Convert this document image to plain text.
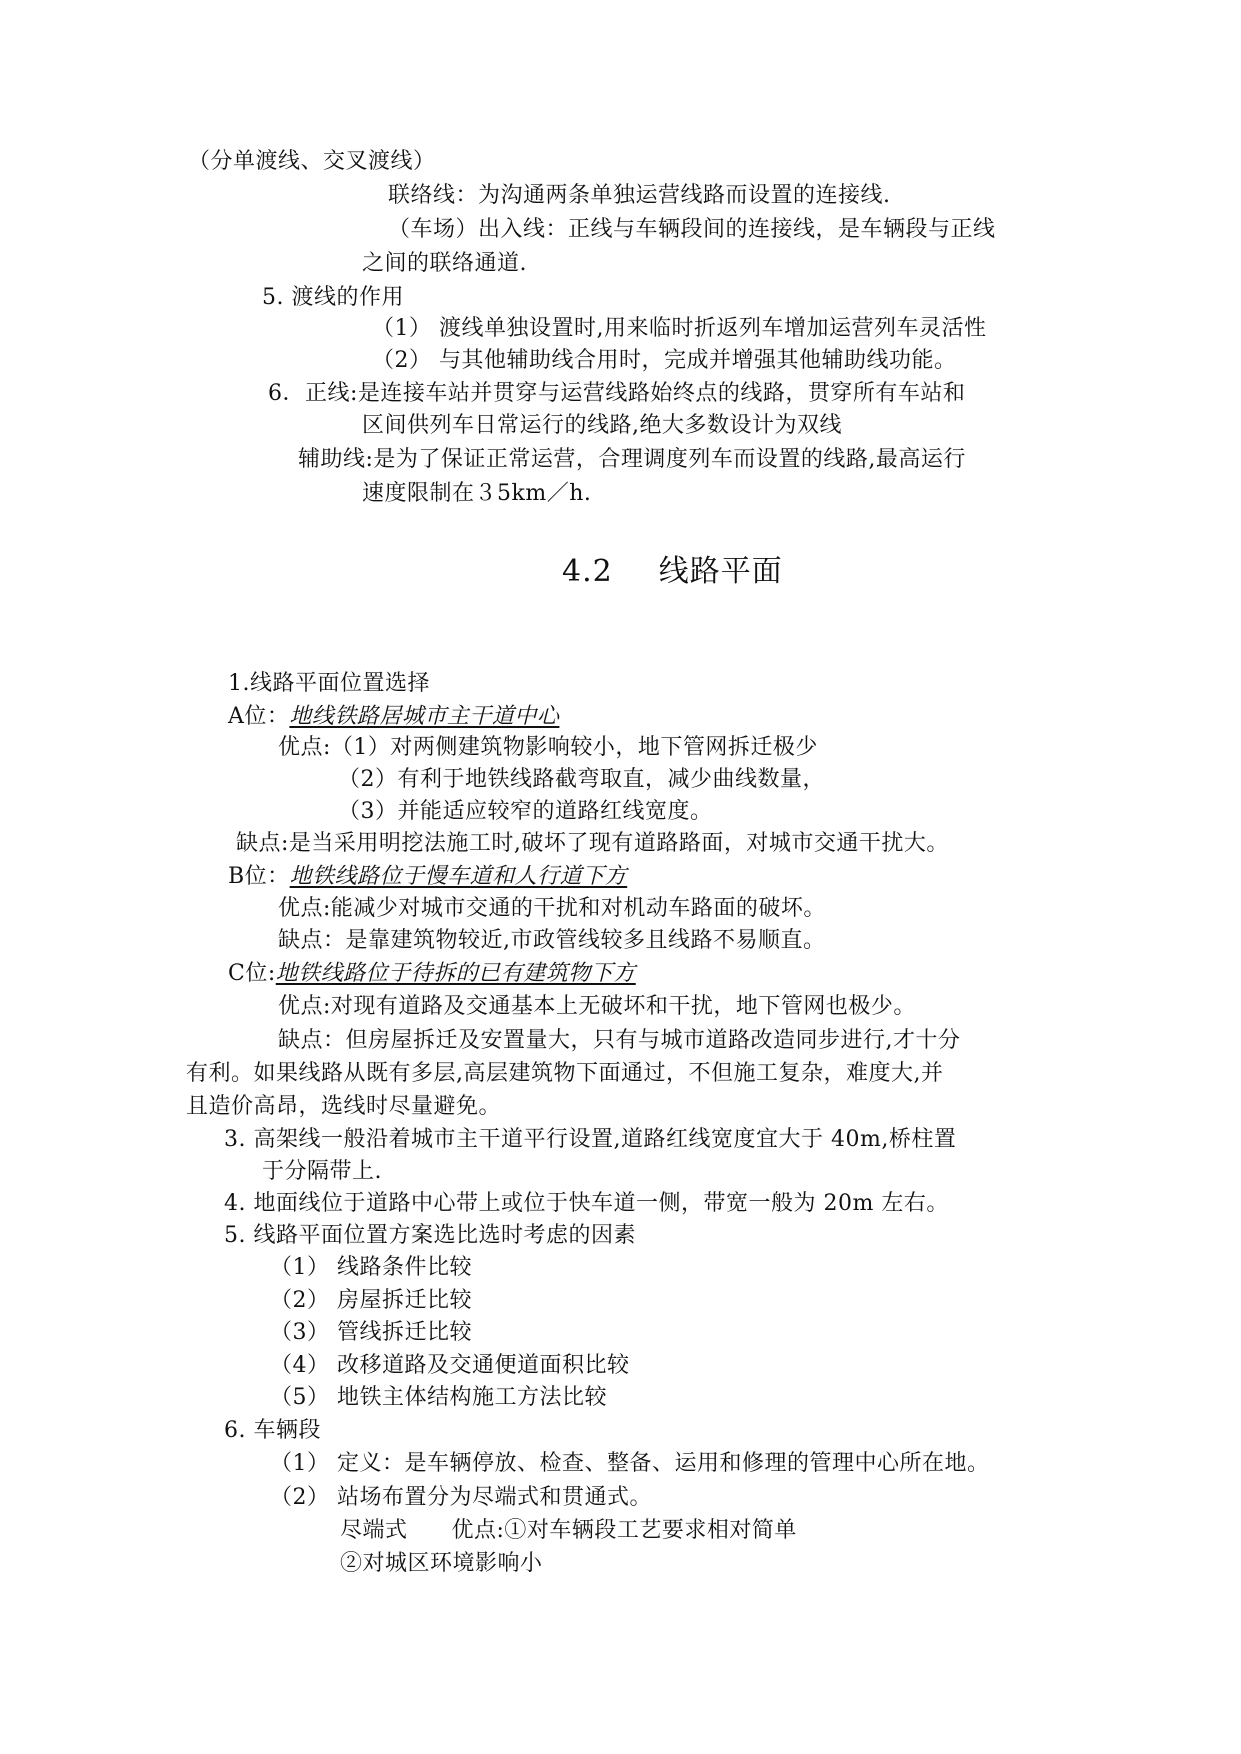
（分单渡线、交叉渡线）
联络线：为沟通两条单独运营线路而设置的连接线.
（车场）出入线：正线与车辆段间的连接线，是车辆段与正线
之间的联络通道.
5. 渡线的作用
（1） 渡线单独设置时,用来临时折返列车增加运营列车灵活性
（2） 与其他辅助线合用时，完成并增强其他辅助线功能。
6．正线:是连接车站并贯穿与运营线路始终点的线路，贯穿所有车站和
区间供列车日常运行的线路,绝大多数设计为双线
辅助线:是为了保证正常运营，合理调度列车而设置的线路,最高运行
速度限制在３5km／h.
4.2 线路平面
1.线路平面位置选择
A位：地线铁路居城市主干道中心
优点:（1）对两侧建筑物影响较小，地下管网拆迁极少
（2）有利于地铁线路截弯取直，减少曲线数量，
（3）并能适应较窄的道路红线宽度。
缺点:是当采用明挖法施工时,破坏了现有道路路面，对城市交通干扰大。
B位：地铁线路位于慢车道和人行道下方
优点:能减少对城市交通的干扰和对机动车路面的破坏。
缺点：是靠建筑物较近,市政管线较多且线路不易顺直。
C位:地铁线路位于待拆的已有建筑物下方
优点:对现有道路及交通基本上无破坏和干扰，地下管网也极少。
缺点：但房屋拆迁及安置量大，只有与城市道路改造同步进行,才十分
有利。如果线路从既有多层,高层建筑物下面通过，不但施工复杂，难度大,并
且造价高昂，选线时尽量避免。
3. 高架线一般沿着城市主干道平行设置,道路红线宽度宜大于 40m,桥柱置
于分隔带上.
4. 地面线位于道路中心带上或位于快车道一侧，带宽一般为 20m 左右。
5. 线路平面位置方案选比选时考虑的因素
（1） 线路条件比较
（2） 房屋拆迁比较
（3） 管线拆迁比较
（4） 改移道路及交通便道面积比较
（5） 地铁主体结构施工方法比较
6. 车辆段
（1） 定义：是车辆停放、检查、整备、运用和修理的管理中心所在地。
（2） 站场布置分为尽端式和贯通式。
尽端式 优点:①对车辆段工艺要求相对简单
②对城区环境影响小
